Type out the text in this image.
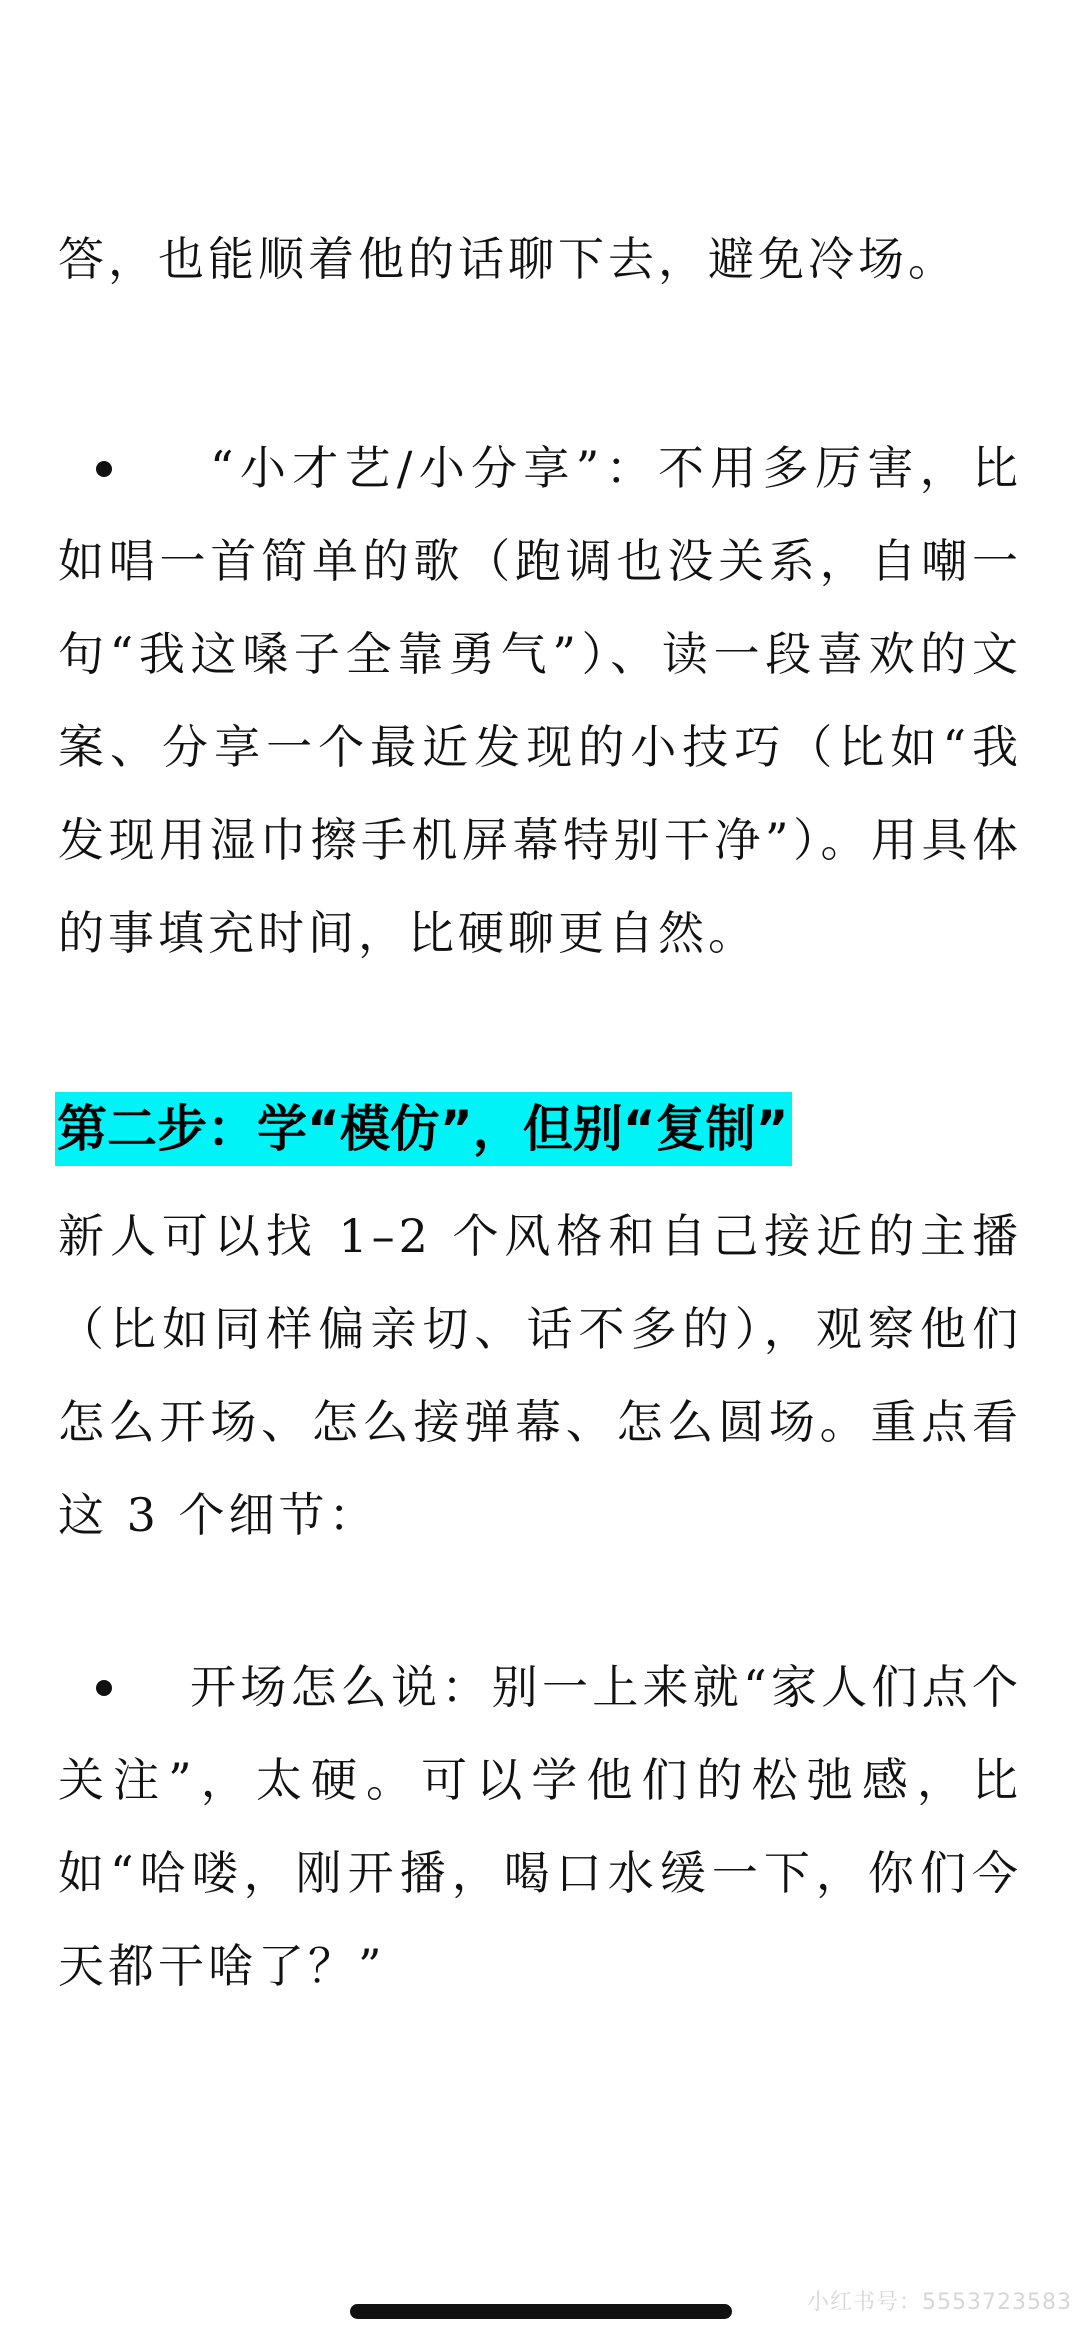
答，也能顺着他的话聊下去，避免冷场。

“小才艺/小分享”：不用多厉害，比如唱一首简单的歌（跑调也没关系，自嘲一句“我这嗓子全靠勇气”）、读一段喜欢的文案、分享一个最近发现的小技巧（比如“我发现用湿巾擦手机屏幕特别干净”）。用具体的事填充时间，比硬聊更自然。

第二步：学“模仿”，但别“复制”

新人可以找 1–2 个风格和自己接近的主播（比如同样偏亲切、话不多的），观察他们怎么开场、怎么接弹幕、怎么圆场。重点看这 3 个细节：

开场怎么说：别一上来就“家人们点个关注”，太硬。可以学他们的松弛感，比如“哈喽，刚开播，喝口水缓一下，你们今天都干啥了？”

小红书号：5553723583
